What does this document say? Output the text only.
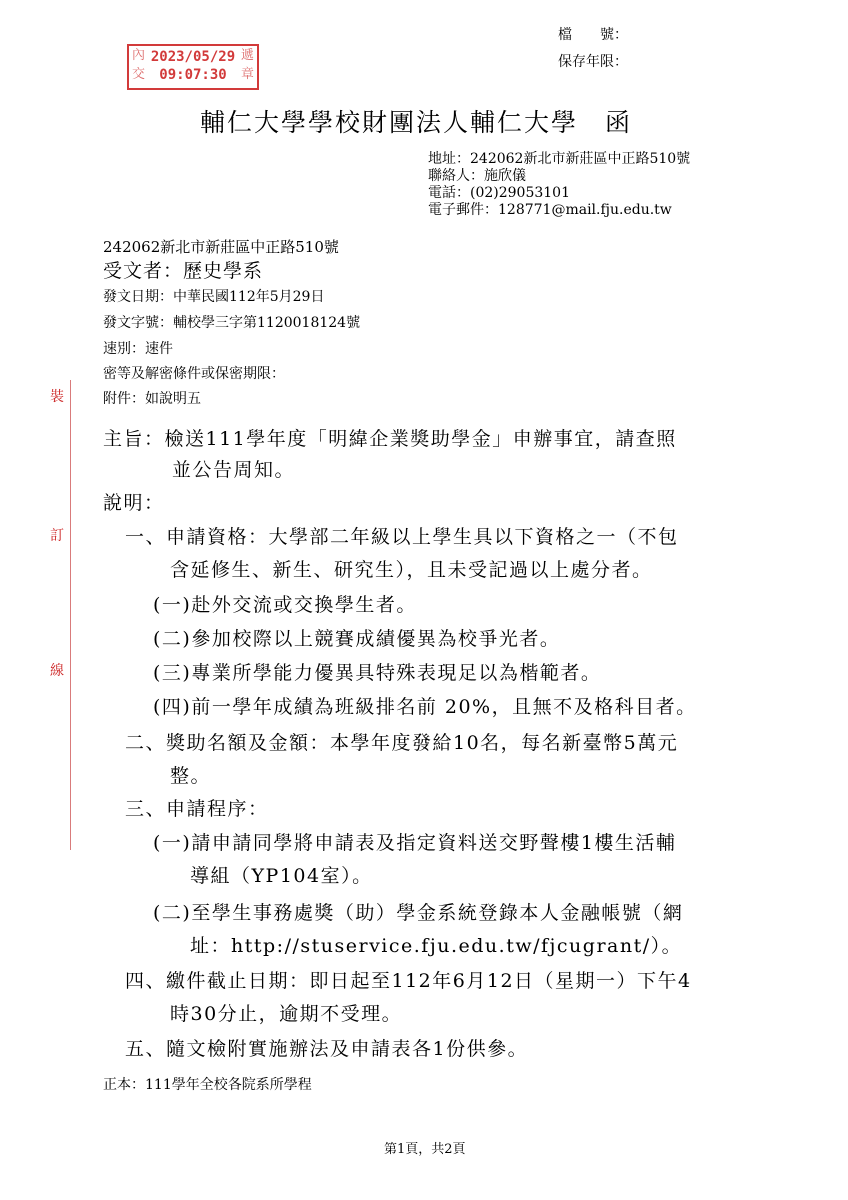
檔　　號：
保存年限：
內
交
遞
章
2023/05/29
09:07:30
輔仁大學學校財團法人輔仁大學　函
地址：242062新北市新莊區中正路510號
聯絡人：施欣儀
電話：(02)29053101
電子郵件：128771@mail.fju.edu.tw
242062新北市新莊區中正路510號
受文者：歷史學系
發文日期：中華民國112年5月29日
發文字號：輔校學三字第1120018124號
速別：速件
密等及解密條件或保密期限：
附件：如說明五
裝
訂
線
主旨：檢送111學年度「明緯企業獎助學金」申辦事宜，請查照
並公告周知。
說明：
一、申請資格：大學部二年級以上學生具以下資格之一（不包
含延修生、新生、研究生），且未受記過以上處分者。
(一)赴外交流或交換學生者。
(二)參加校際以上競賽成績優異為校爭光者。
(三)專業所學能力優異具特殊表現足以為楷範者。
(四)前一學年成績為班級排名前 20%，且無不及格科目者。
二、獎助名額及金額：本學年度發給10名，每名新臺幣5萬元
整。
三、申請程序：
(一)請申請同學將申請表及指定資料送交野聲樓1樓生活輔
導組（YP104室）。
(二)至學生事務處獎（助）學金系統登錄本人金融帳號（網
址：http://stuservice.fju.edu.tw/fjcugrant/）。
四、繳件截止日期：即日起至112年6月12日（星期一）下午4
時30分止，逾期不受理。
五、隨文檢附實施辦法及申請表各1份供參。
正本：111學年全校各院系所學程
第1頁，共2頁
